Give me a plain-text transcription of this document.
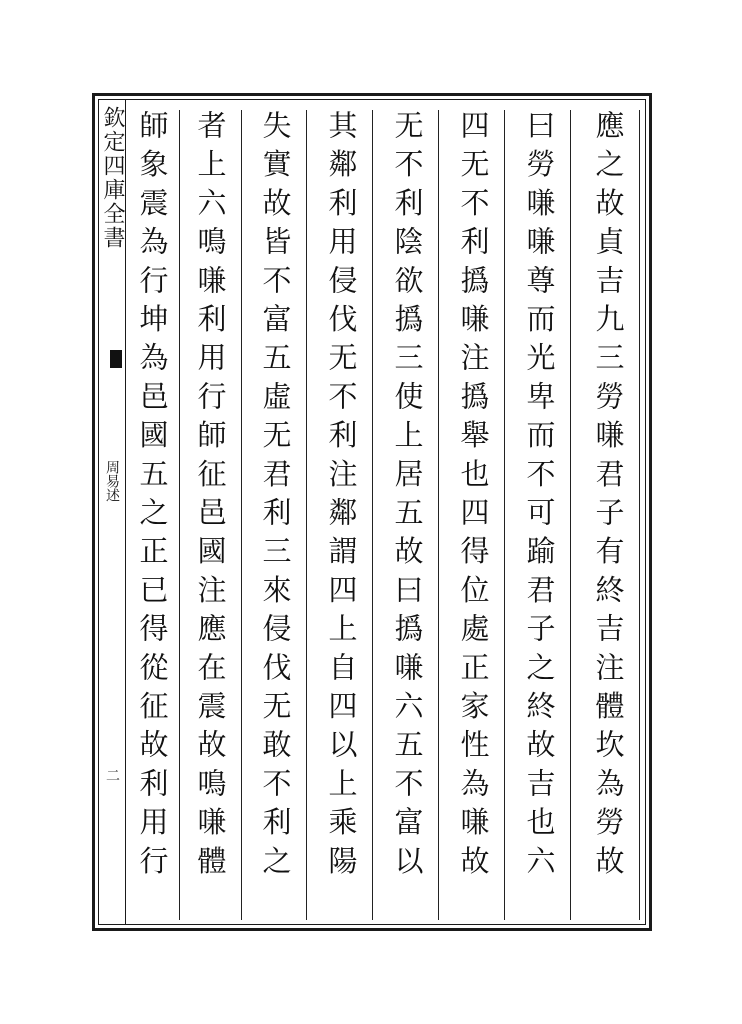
欽定四庫全書
周易述
二	應之故貞吉九三勞嗛君子有終吉注體坎為勞故
曰勞嗛嗛尊而光卑而不可踰君子之終故吉也六
四无不利撝嗛注撝舉也四得位處正家性為嗛故
无不利陰欲撝三使上居五故曰撝嗛六五不富以
其鄰利用侵伐无不利注鄰謂四上自四以上乘陽
失實故皆不富五虛无君利三來侵伐无敢不利之
者上六鳴嗛利用行師征邑國注應在震故鳴嗛體
師象震為行坤為邑國五之正已得從征故利用行
